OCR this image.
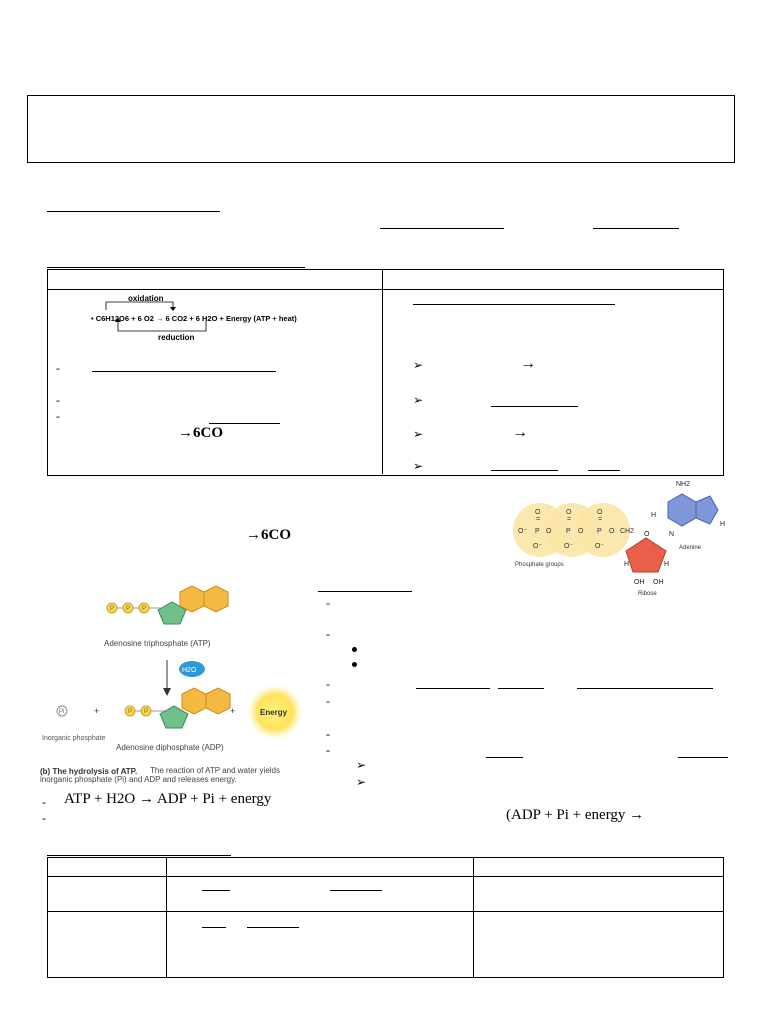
oxidation
• C6H12O6 + 6 O2 → 6 CO2 + 6 H2O + Energy (ATP + heat)
reduction
-
-
-
→6CO
➢	→
➢
➢	→
➢
→6CO
O
=
O⁻ P O
O⁻
O
=
P O
O⁻
O
=
P O
O⁻
CH2 O
H	H
OH OH
NH2
H
H
N
Phosphate groups
Ribose
Adenine
P P P
Adenosine triphosphate (ATP)
H2O
Pi	+	P P	+	Energy
Inorganic phosphate
Adenosine diphosphate (ADP)
(b) The hydrolysis of ATP.	The reaction of ATP and water yields inorganic phosphate (Pi) and ADP and releases energy.
-
-
-
-
-
-
➢
➢
- ATP + H2O → ADP + Pi + energy
-	(ADP + Pi + energy →
